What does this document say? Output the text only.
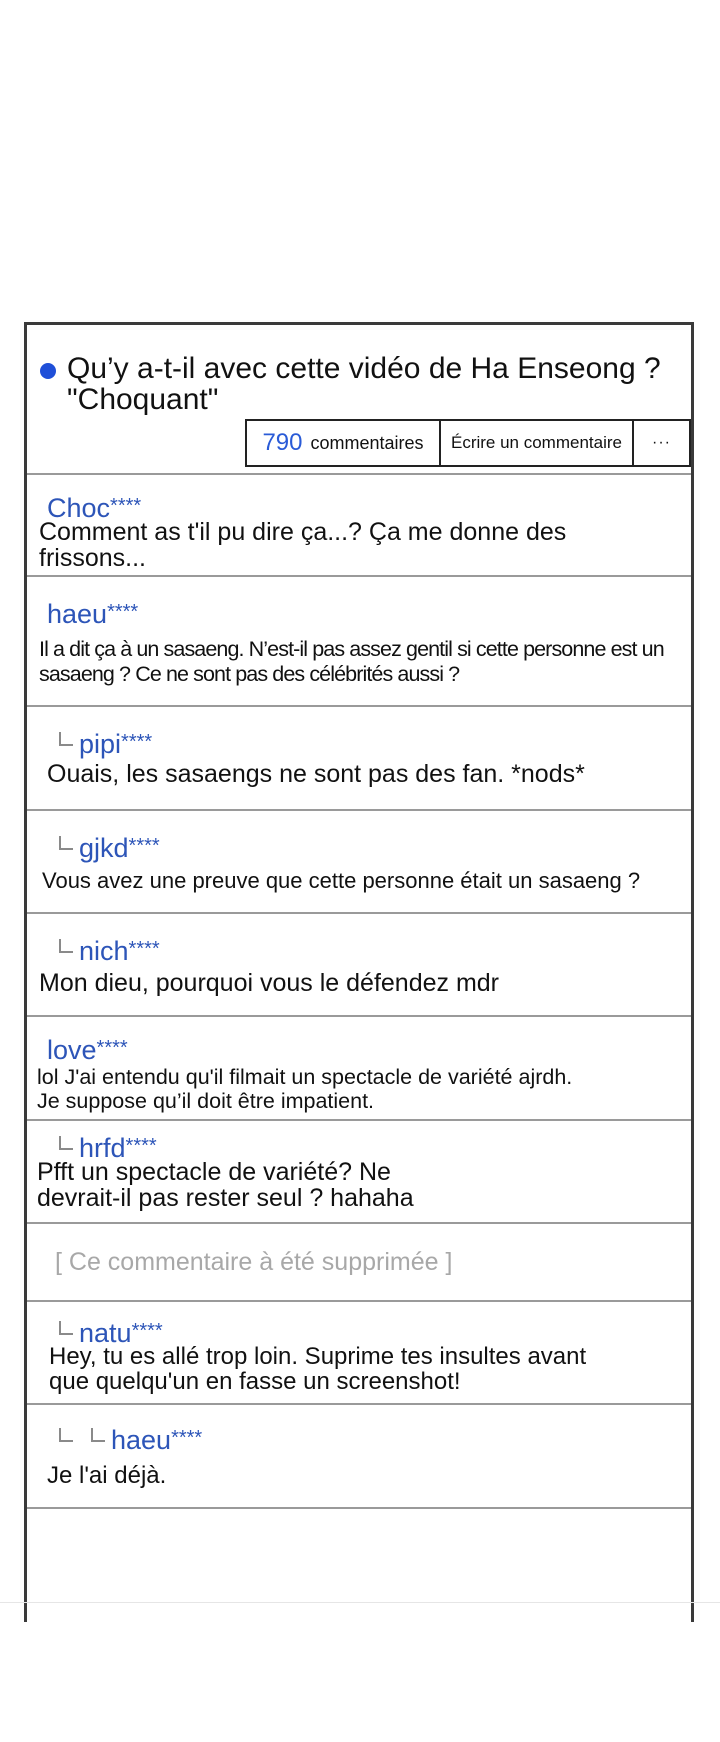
Qu’y a-t-il avec cette vidéo de Ha Enseong ? "Choquant"
790 commentaires	Écrire un commentaire	···
Choc****
Comment as t'il pu dire ça...? Ça me donne des frissons...
haeu****
Il a dit ça à un sasaeng. N’est-il pas assez gentil si cette personne est un sasaeng ? Ce ne sont pas des célébrités aussi ?
pipi****
Ouais, les sasaengs ne sont pas des fan. *nods*
gjkd****
Vous avez une preuve que cette personne était un sasaeng ?
nich****
Mon dieu, pourquoi vous le défendez mdr
love****
lol J'ai entendu qu'il filmait un spectacle de variété ajrdh. Je suppose qu’il doit être impatient.
hrfd****
Pfft un spectacle de variété? Ne devrait-il pas rester seul ? hahaha
[ Ce commentaire à été supprimée ]
natu****
Hey, tu es allé trop loin. Suprime tes insultes avant que quelqu'un en fasse un screenshot!
haeu****
Je l'ai déjà.
